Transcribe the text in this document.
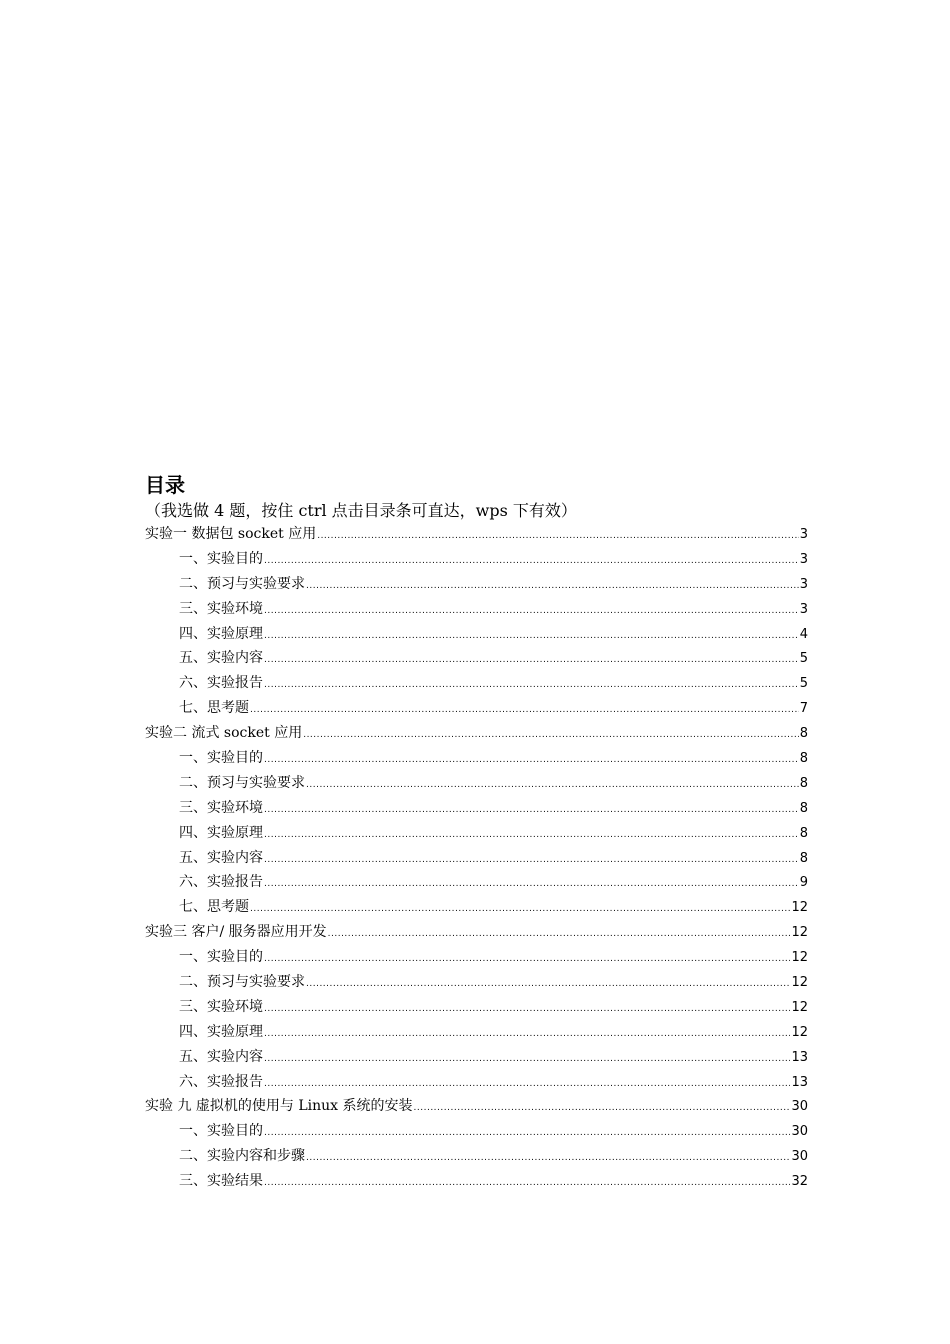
目录
（我选做 4 题，按住 ctrl 点击目录条可直达，wps 下有效）
实验一 数据包 socket 应用 .....	3
一、实验目的 .....	3
二、预习与实验要求 .....	3
三、实验环境 .....	3
四、实验原理 .....	4
五、实验内容 .....	5
六、实验报告 .....	5
七、思考题 .....	7
实验二 流式 socket 应用 .....	8
一、实验目的 .....	8
二、预习与实验要求 .....	8
三、实验环境 .....	8
四、实验原理 .....	8
五、实验内容 .....	8
六、实验报告 .....	9
七、思考题 .....	12
实验三 客户/ 服务器应用开发 .....	12
一、实验目的 .....	12
二、预习与实验要求 .....	12
三、实验环境 .....	12
四、实验原理 .....	12
五、实验内容 .....	13
六、实验报告 .....	13
实验 九 虚拟机的使用与 Linux 系统的安装 .....	30
一、实验目的 .....	30
二、实验内容和步骤 .....	30
三、实验结果 .....	32
